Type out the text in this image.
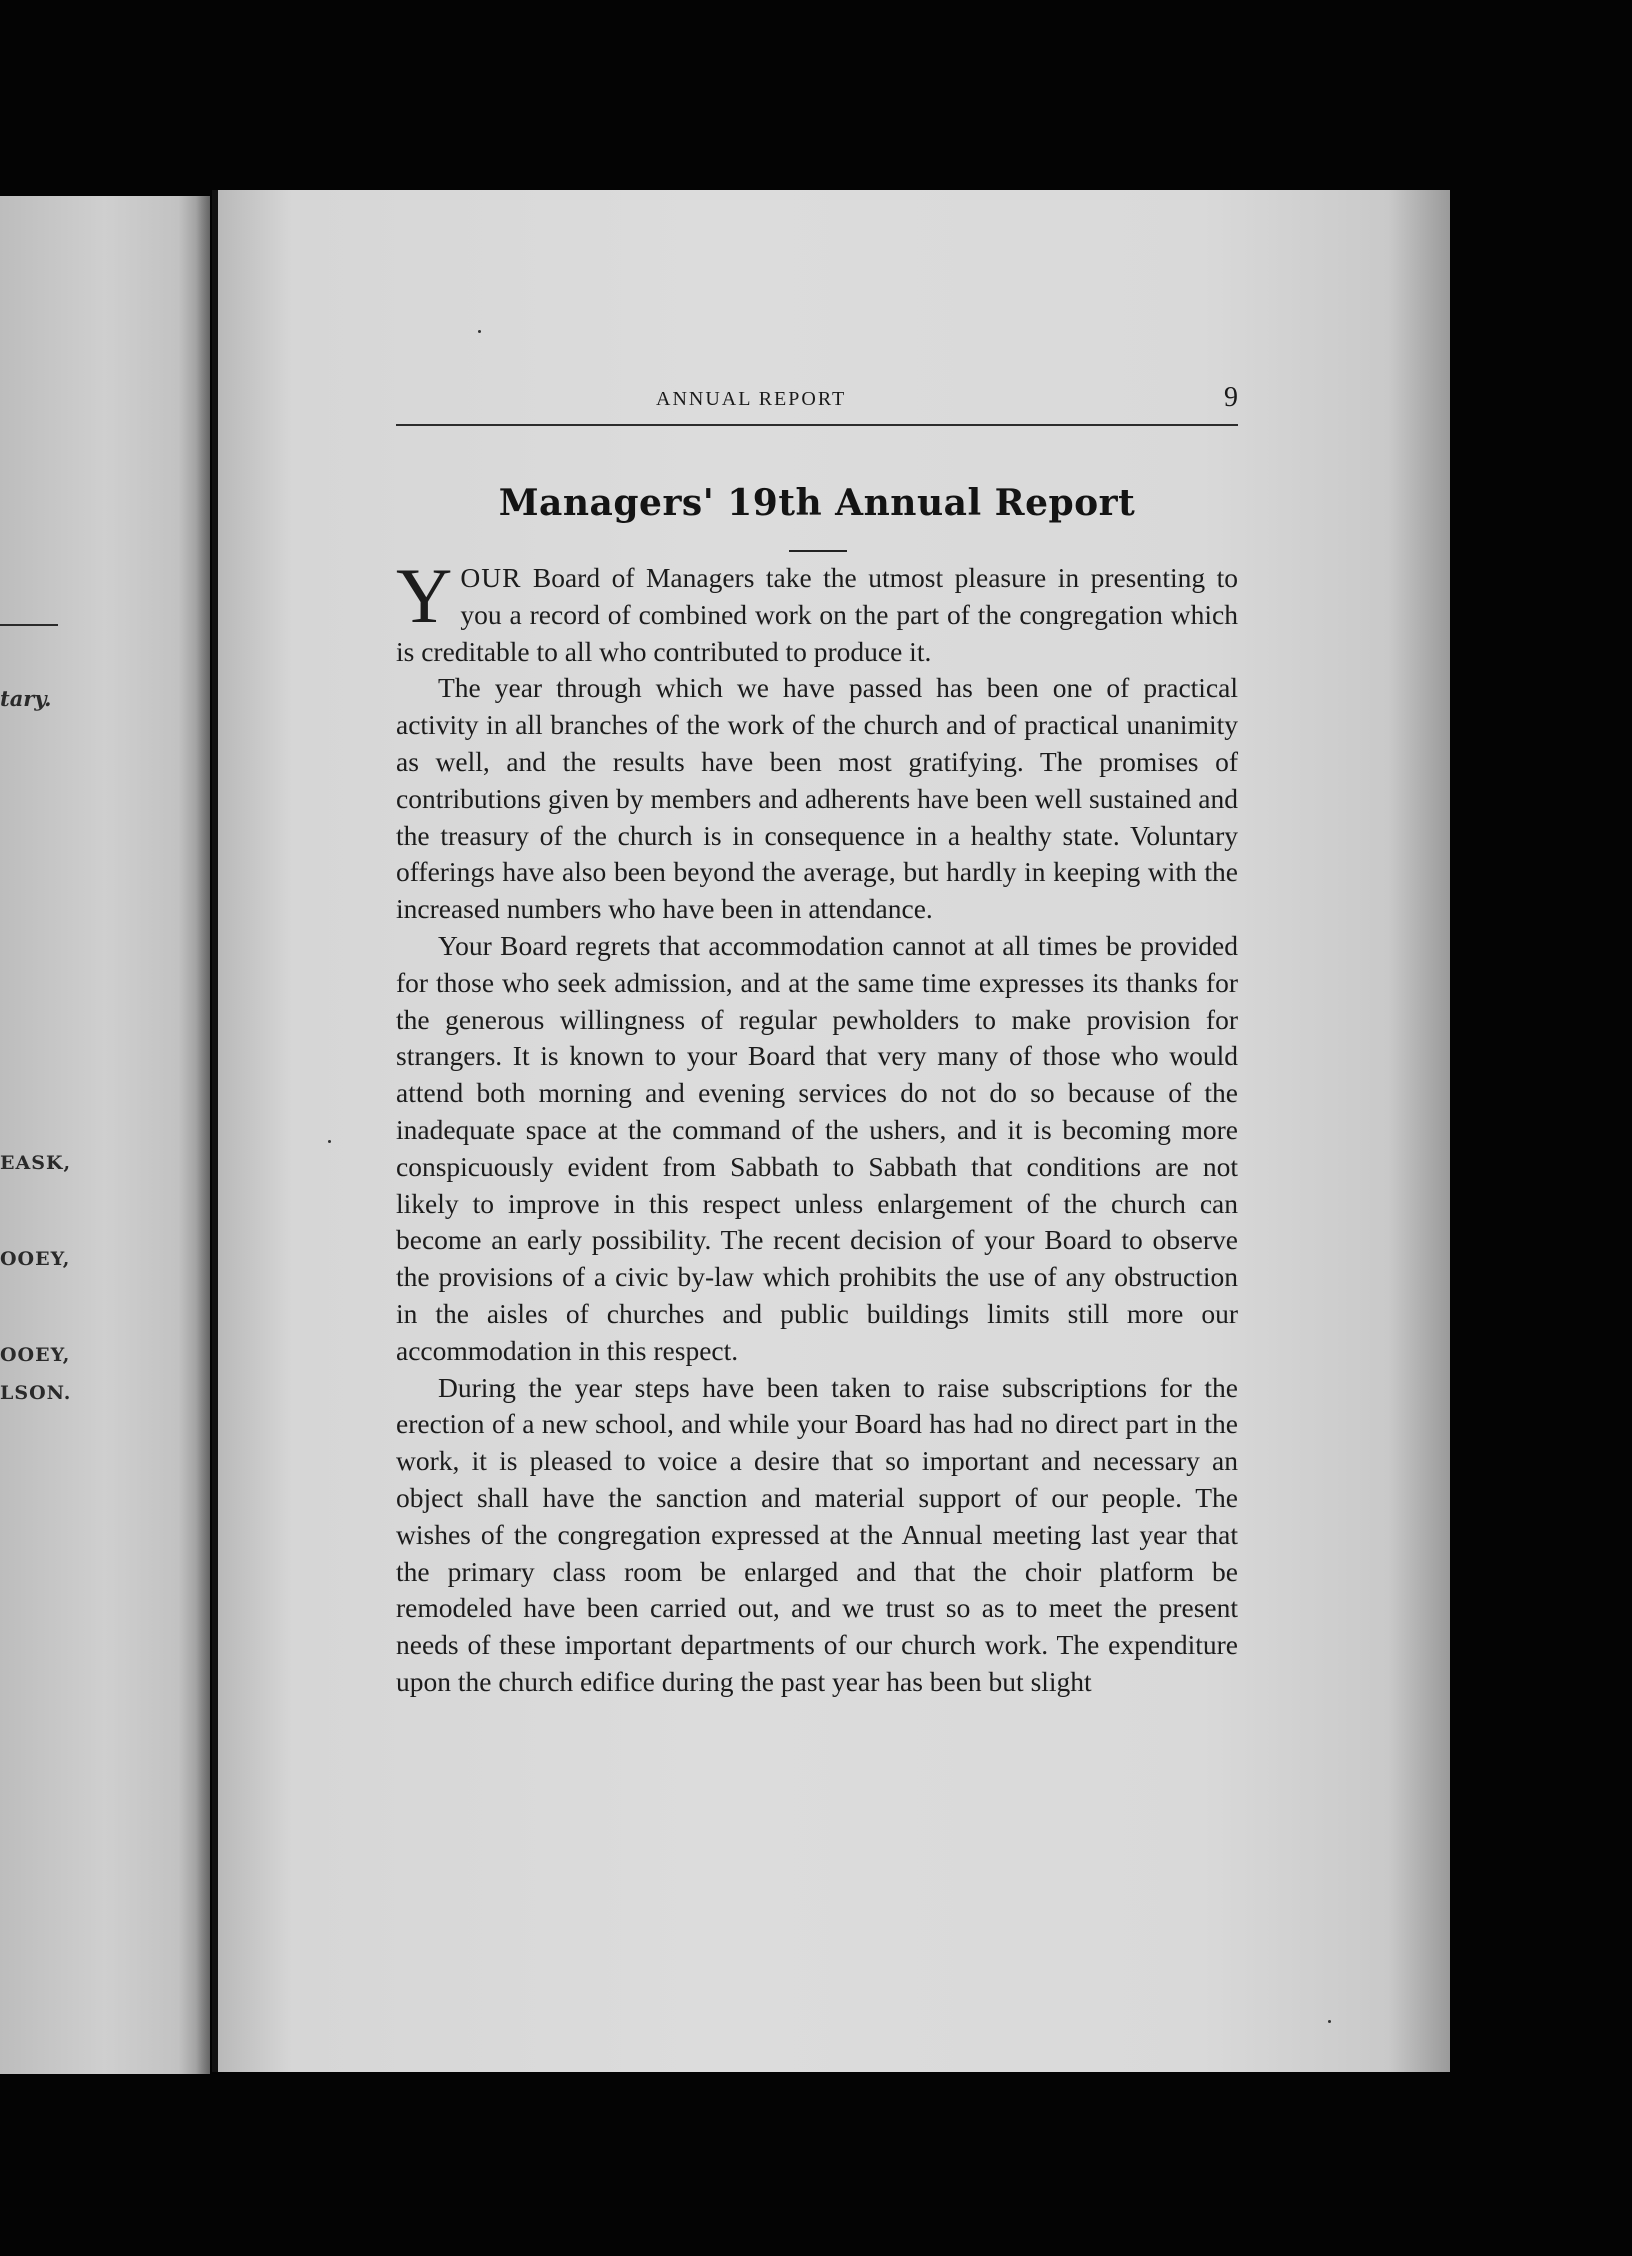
tary.
EASK,
OOEY,
OOEY,
LSON.
ANNUAL REPORT	9
Managers' 19th Annual Report

YOUR Board of Managers take the utmost pleasure in presenting to you a record of combined work on the part of the congregation which is creditable to all who contributed to produce it.

The year through which we have passed has been one of practical activity in all branches of the work of the church and of practical unanimity as well, and the results have been most gratifying. The promises of contributions given by members and adherents have been well sustained and the treasury of the church is in consequence in a healthy state. Voluntary offerings have also been beyond the average, but hardly in keeping with the increased numbers who have been in attendance.

Your Board regrets that accommodation cannot at all times be provided for those who seek admission, and at the same time expresses its thanks for the generous willingness of regular pewholders to make provision for strangers. It is known to your Board that very many of those who would attend both morning and evening services do not do so because of the inadequate space at the command of the ushers, and it is becoming more conspicuously evident from Sabbath to Sabbath that conditions are not likely to improve in this respect unless enlargement of the church can become an early possibility. The recent decision of your Board to observe the provisions of a civic by-law which prohibits the use of any obstruction in the aisles of churches and public buildings limits still more our accommodation in this respect.

During the year steps have been taken to raise subscriptions for the erection of a new school, and while your Board has had no direct part in the work, it is pleased to voice a desire that so important and necessary an object shall have the sanction and material support of our people. The wishes of the congregation expressed at the Annual meeting last year that the primary class room be enlarged and that the choir platform be remodeled have been carried out, and we trust so as to meet the present needs of these important departments of our church work. The expenditure upon the church edifice during the past year has been but slight
